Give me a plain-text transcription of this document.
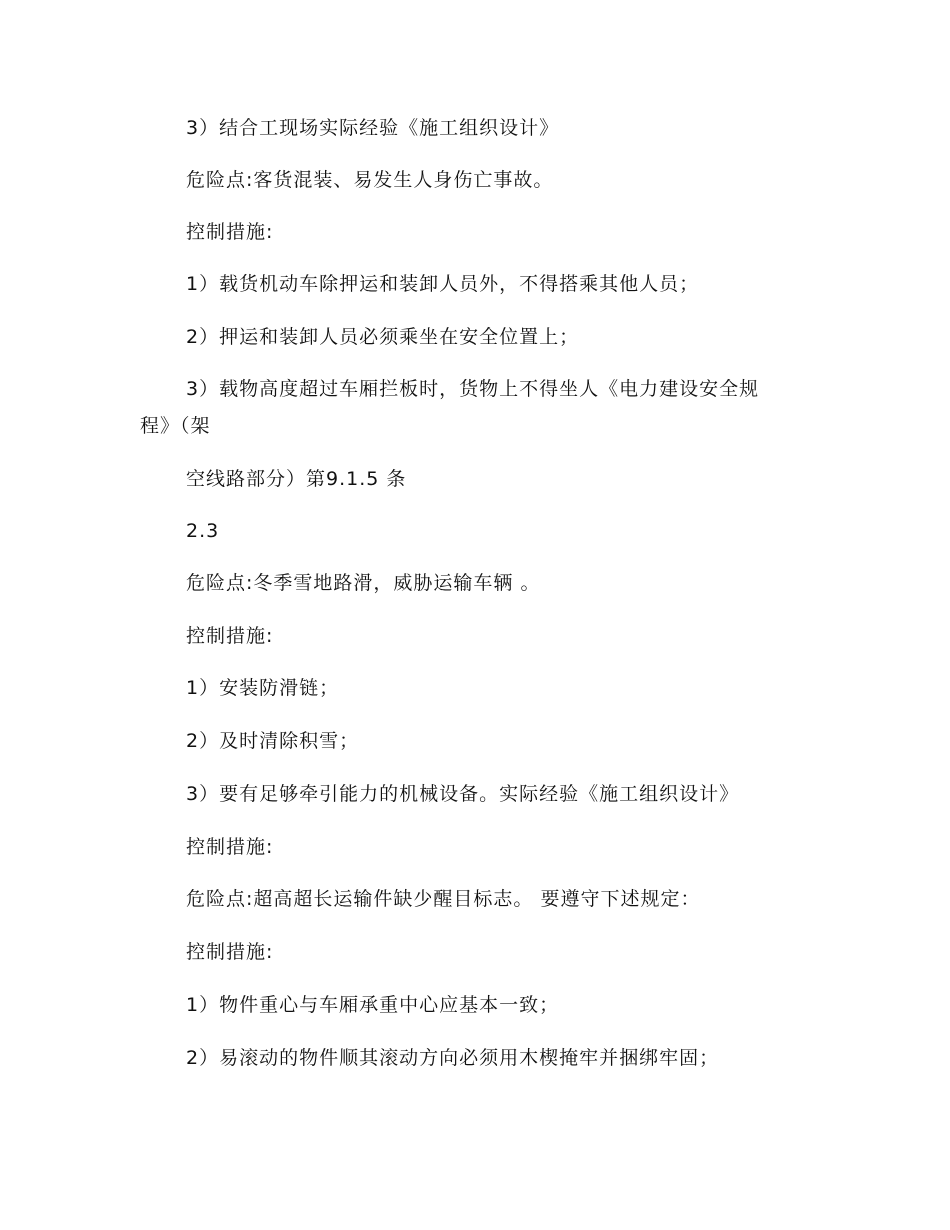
3）结合工现场实际经验《施工组织设计》
危险点:客货混装、易发生人身伤亡事故。
控制措施:
1）载货机动车除押运和装卸人员外，不得搭乘其他人员；
2）押运和装卸人员必须乘坐在安全位置上；
3）载物高度超过车厢拦板时，货物上不得坐人《电力建设安全规
程》（架
空线路部分）第9.1.5 条
2.3
危险点:冬季雪地路滑，威胁运输车辆 。
控制措施:
1）安装防滑链；
2）及时清除积雪；
3）要有足够牵引能力的机械设备。实际经验《施工组织设计》
控制措施:
危险点:超高超长运输件缺少醒目标志。 要遵守下述规定：
控制措施:
1）物件重心与车厢承重中心应基本一致；
2）易滚动的物件顺其滚动方向必须用木楔掩牢并捆绑牢固；
